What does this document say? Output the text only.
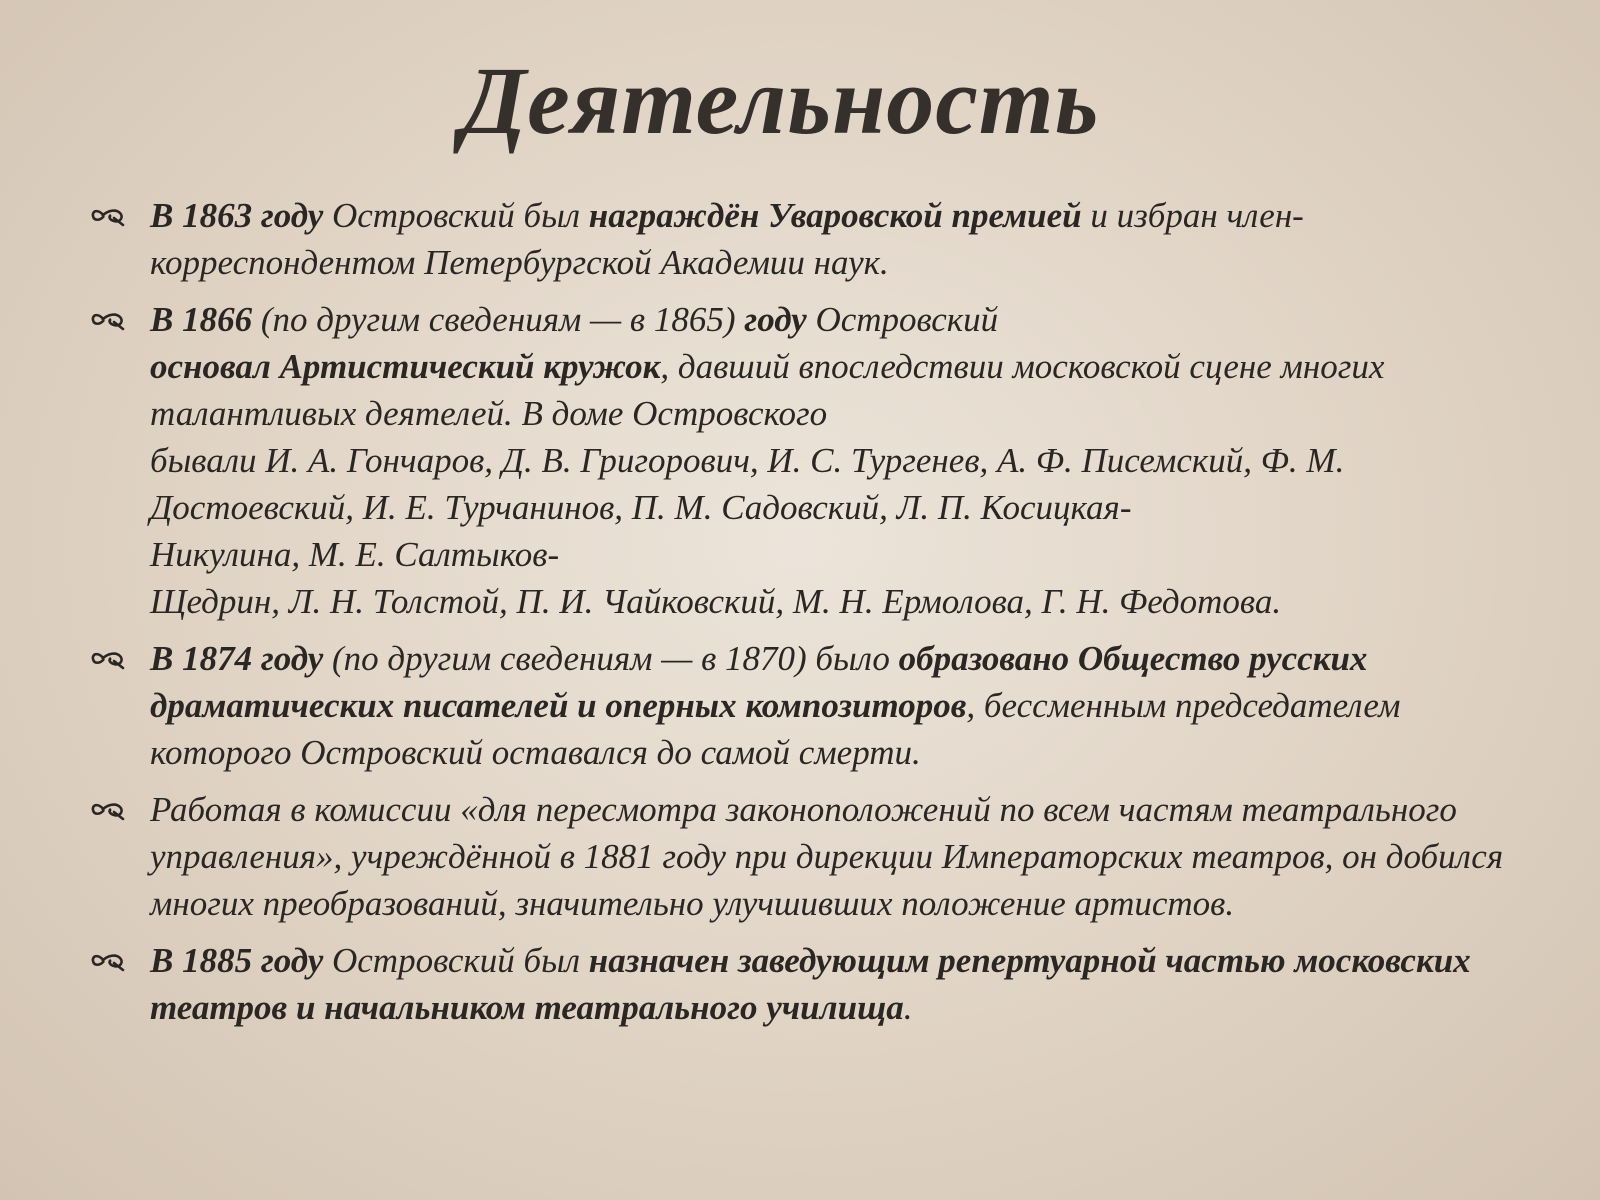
Деятельность
В 1863 году Островский был награждён Уваровской премией и избран член-корреспондентом Петербургской Академии наук.
В 1866 (по другим сведениям — в 1865) году Островский
основал Артистический кружок, давший впоследствии московской сцене многих талантливых деятелей. В доме Островского
бывали И. А. Гончаров, Д. В. Григорович, И. С. Тургенев, А. Ф. Писемский, Ф. М. Достоевский, И. Е. Турчанинов, П. М. Садовский, Л. П. Косицкая-
Никулина, М. Е. Салтыков-
Щедрин, Л. Н. Толстой, П. И. Чайковский, М. Н. Ермолова, Г. Н. Федотова.
В 1874 году (по другим сведениям — в 1870) было образовано Общество русских драматических писателей и оперных композиторов, бессменным председателем которого Островский оставался до самой смерти.
Работая в комиссии «для пересмотра законоположений по всем частям театрального управления», учреждённой в 1881 году при дирекции Императорских театров, он добился многих преобразований, значительно улучшивших положение артистов.
В 1885 году Островский был назначен заведующим репертуарной частью московских театров и начальником театрального училища.
